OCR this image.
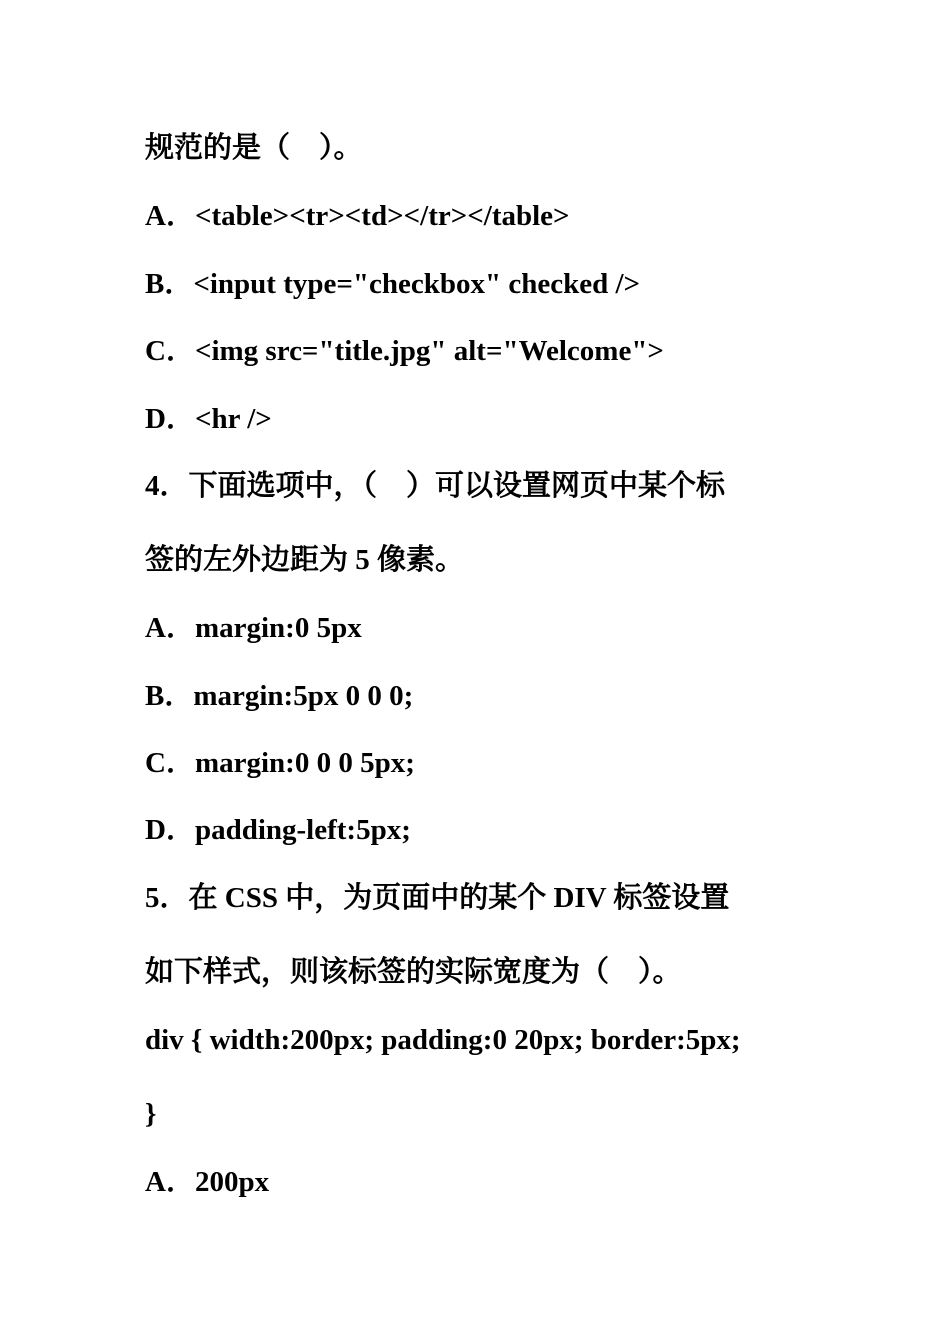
规范的是（　）。

A．<table><tr><td></tr></table>

B．<input type="checkbox" checked />

C．<img src="title.jpg" alt="Welcome">

D．<hr />

4．下面选项中，（　）可以设置网页中某个标

签的左外边距为 5 像素。

A．margin:0 5px

B．margin:5px 0 0 0;

C．margin:0 0 0 5px;

D．padding-left:5px;

5．在 CSS 中，为页面中的某个 DIV 标签设置

如下样式，则该标签的实际宽度为（　）。

div { width:200px; padding:0 20px; border:5px;

}

A．200px
